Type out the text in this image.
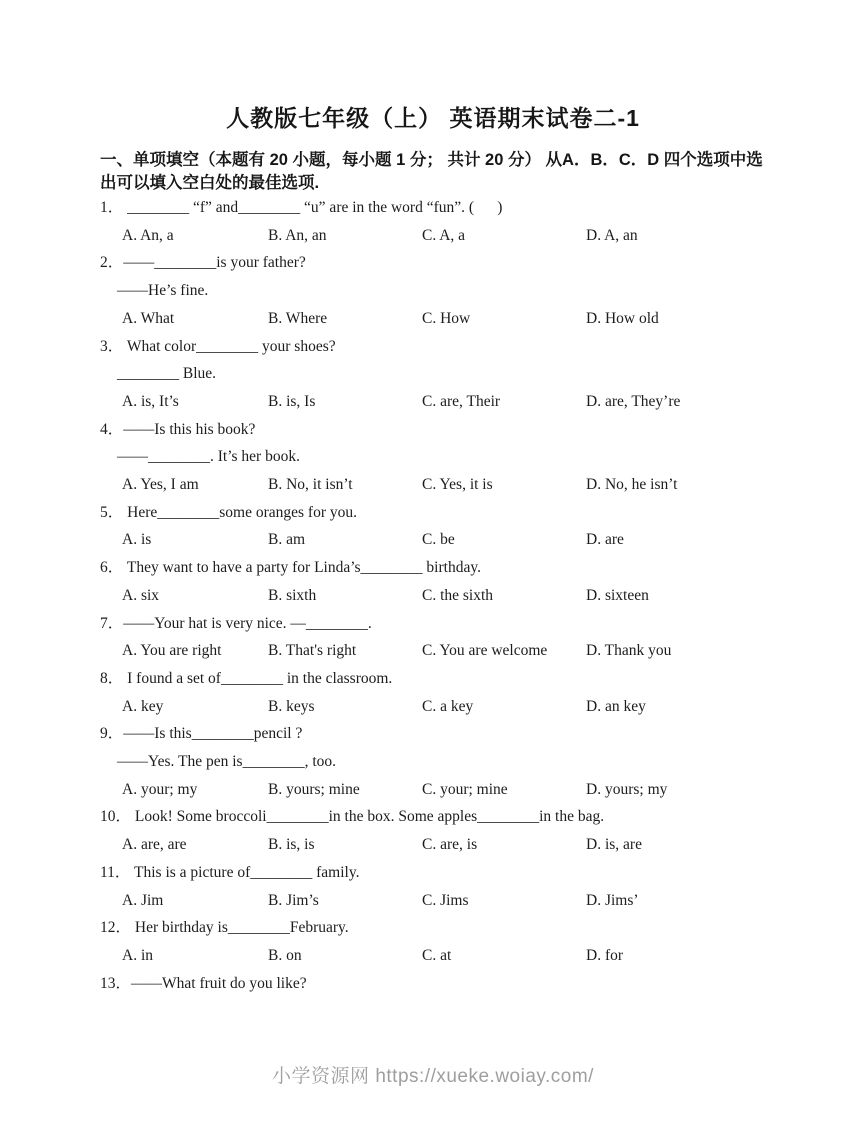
人教版七年级（上） 英语期末试卷二-1
一、单项填空（本题有 20 小题，每小题 1 分； 共计 20 分） 从A．B．C．D 四个选项中选出可以填入空白处的最佳选项.
1． ________ “f” and________ “u” are in the word “fun”. (      )
A. An, a	B. An, an	C. A, a	D. A, an
2．——________is your father?
——He’s fine.
A. What	B. Where	C. How	D. How old
3． What color________ your shoes?
________ Blue.
A. is, It’s	B. is, Is	C. are, Their	D. are, They’re
4．——Is this his book?
——________. It’s her book.
A. Yes, I am	B. No, it isn’t	C. Yes, it is	D. No, he isn’t
5． Here________some oranges for you.
A. is	B. am	C. be	D. are
6． They want to have a party for Linda’s________ birthday.
A. six	B. sixth	C. the sixth	D. sixteen
7．——Your hat is very nice. —________.
A. You are right	B. That's right	C. You are welcome	D. Thank you
8． I found a set of________ in the classroom.
A. key	B. keys	C. a key	D. an key
9．——Is this________pencil ?
——Yes. The pen is________, too.
A. your; my	B. yours; mine	C. your; mine	D. yours; my
10． Look! Some broccoli________in the box. Some apples________in the bag.
A. are, are	B. is, is	C. are, is	D. is, are
11． This is a picture of________ family.
A. Jim	B. Jim’s	C. Jims	D. Jims’
12． Her birthday is________February.
A. in	B. on	C. at	D. for
13．——What fruit do you like?
小学资源网 https://xueke.woiay.com/
